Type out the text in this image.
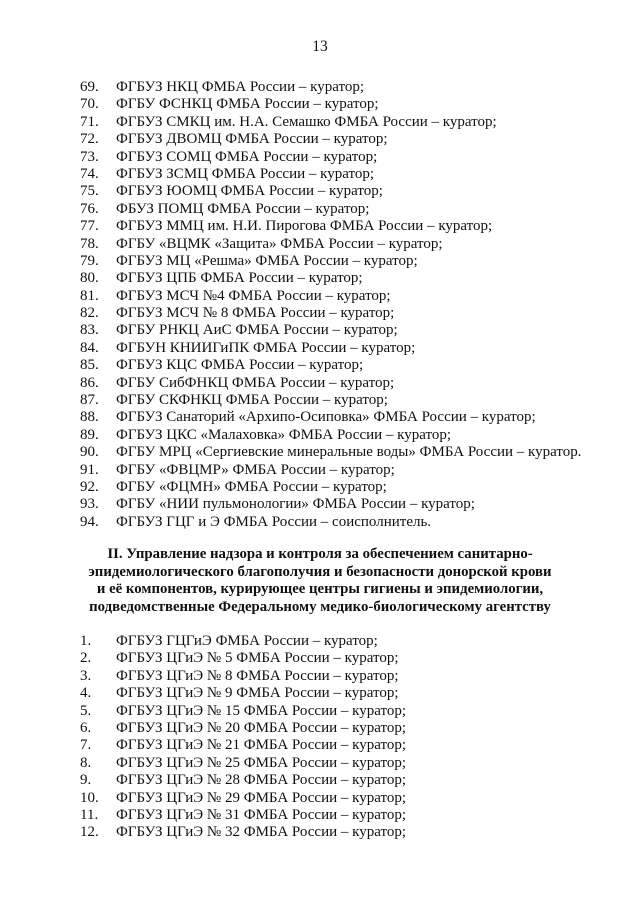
13
69.	ФГБУЗ НКЦ ФМБА России – куратор;
70.	ФГБУ ФСНКЦ ФМБА России – куратор;
71.	ФГБУЗ СМКЦ им. Н.А. Семашко ФМБА России – куратор;
72.	ФГБУЗ ДВОМЦ ФМБА России – куратор;
73.	ФГБУЗ СОМЦ ФМБА России – куратор;
74.	ФГБУЗ ЗСМЦ ФМБА России – куратор;
75.	ФГБУЗ ЮОМЦ ФМБА России – куратор;
76.	ФБУЗ ПОМЦ ФМБА России – куратор;
77.	ФГБУЗ ММЦ им. Н.И. Пирогова ФМБА России – куратор;
78.	ФГБУ «ВЦМК «Защита» ФМБА России – куратор;
79.	ФГБУЗ МЦ «Решма» ФМБА России – куратор;
80.	ФГБУЗ ЦПБ ФМБА России – куратор;
81.	ФГБУЗ МСЧ №4 ФМБА России – куратор;
82.	ФГБУЗ МСЧ № 8 ФМБА России – куратор;
83.	ФГБУ РНКЦ АиС ФМБА России – куратор;
84.	ФГБУН КНИИГиПК ФМБА России – куратор;
85.	ФГБУЗ КЦС ФМБА России – куратор;
86.	ФГБУ СибФНКЦ ФМБА России – куратор;
87.	ФГБУ СКФНКЦ ФМБА России – куратор;
88.	ФГБУЗ Санаторий «Архипо-Осиповка» ФМБА России – куратор;
89.	ФГБУЗ ЦКС «Малаховка» ФМБА России – куратор;
90.	ФГБУ МРЦ «Сергиевские минеральные воды» ФМБА России – куратор.
91.	ФГБУ «ФВЦМР» ФМБА России – куратор;
92.	ФГБУ «ФЦМН» ФМБА России – куратор;
93.	ФГБУ «НИИ пульмонологии» ФМБА России – куратор;
94.	ФГБУЗ ГЦГ и Э ФМБА России – соисполнитель.
II. Управление надзора и контроля за обеспечением санитарно-
эпидемиологического благополучия и безопасности донорской крови
и её компонентов, курирующее центры гигиены и эпидемиологии,
подведомственные Федеральному медико-биологическому агентству
1.	ФГБУЗ ГЦГиЭ ФМБА России – куратор;
2.	ФГБУЗ ЦГиЭ № 5 ФМБА России – куратор;
3.	ФГБУЗ ЦГиЭ № 8 ФМБА России – куратор;
4.	ФГБУЗ ЦГиЭ № 9 ФМБА России – куратор;
5.	ФГБУЗ ЦГиЭ № 15 ФМБА России – куратор;
6.	ФГБУЗ ЦГиЭ № 20 ФМБА России – куратор;
7.	ФГБУЗ ЦГиЭ № 21 ФМБА России – куратор;
8.	ФГБУЗ ЦГиЭ № 25 ФМБА России – куратор;
9.	ФГБУЗ ЦГиЭ № 28 ФМБА России – куратор;
10.	ФГБУЗ ЦГиЭ № 29 ФМБА России – куратор;
11.	ФГБУЗ ЦГиЭ № 31 ФМБА России – куратор;
12.	ФГБУЗ ЦГиЭ № 32 ФМБА России – куратор;
